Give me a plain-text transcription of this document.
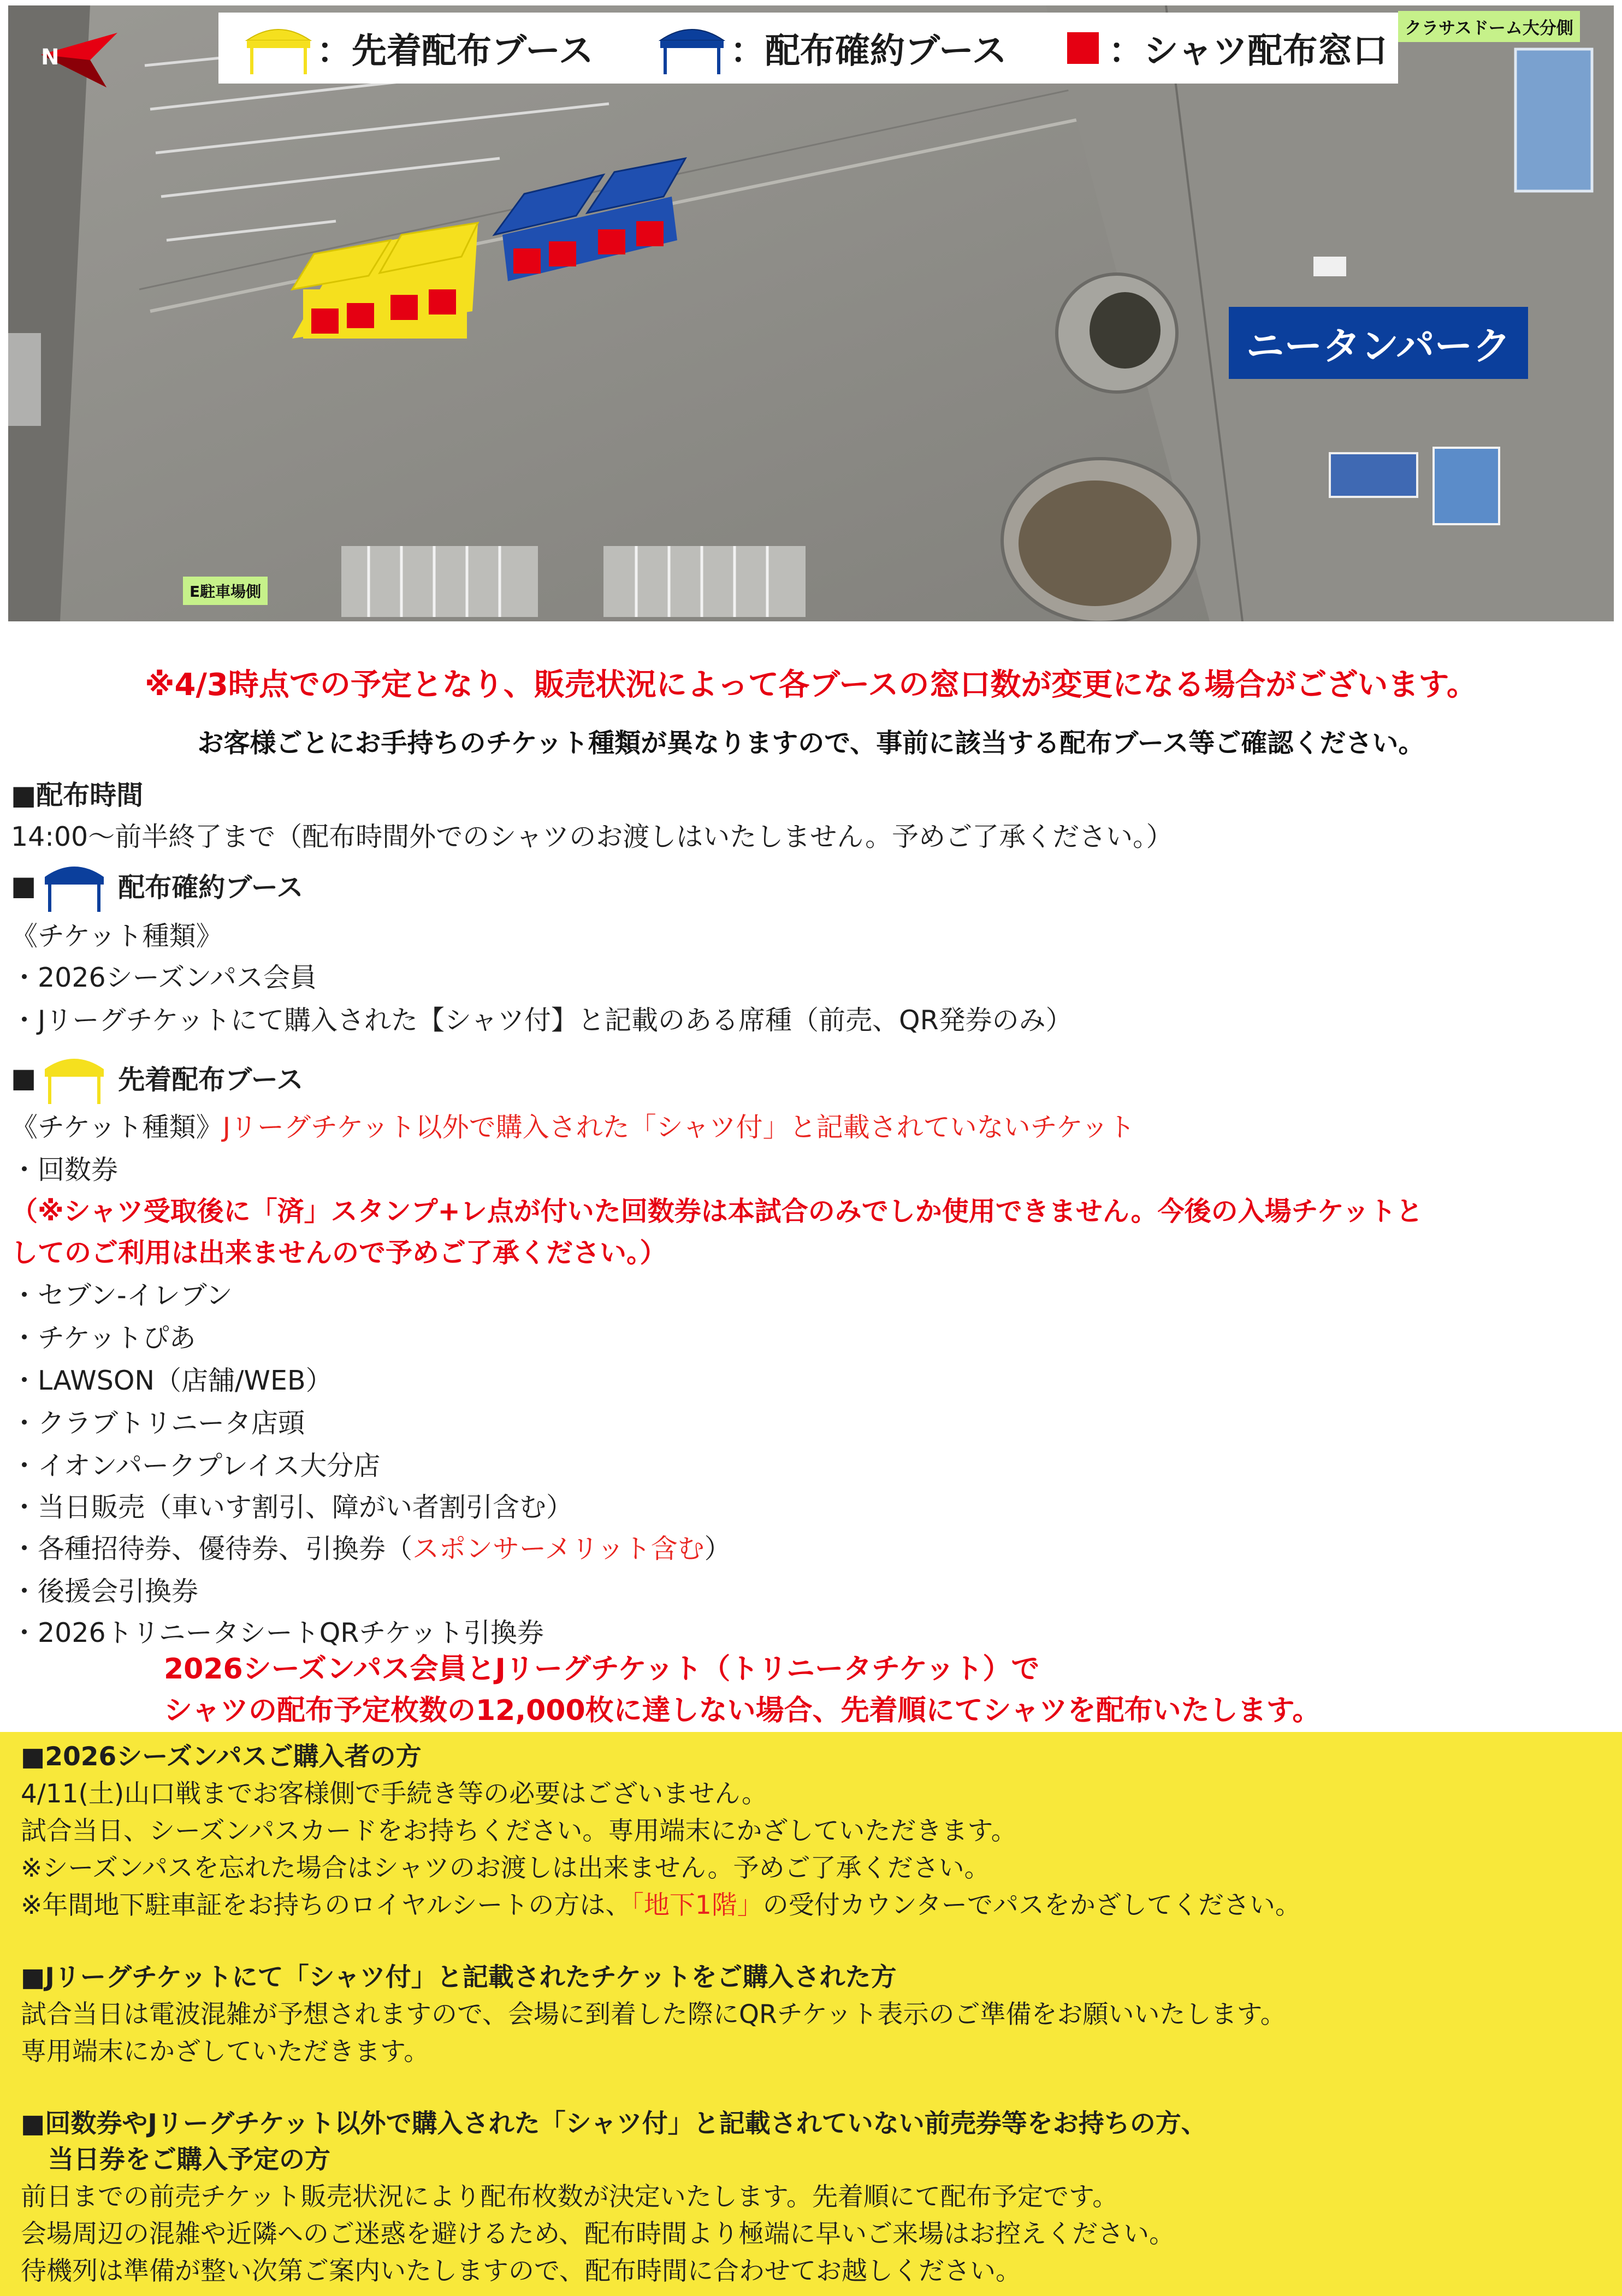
N
クラサスドーム大分側
E駐車場側
ニータンパーク
：先着配布ブース	：配布確約ブース	：シャツ配布窓口
※4/3時点での予定となり、販売状況によって各ブースの窓口数が変更になる場合がございます。
お客様ごとにお手持ちのチケット種類が異なりますので、事前に該当する配布ブース等ご確認ください。
■配布時間
14:00〜前半終了まで（配布時間外でのシャツのお渡しはいたしません。予めご了承ください。）
■	配布確約ブース
《チケット種類》
・2026シーズンパス会員
・Jリーグチケットにて購入された【シャツ付】と記載のある席種（前売、QR発券のみ）
■	先着配布ブース
《チケット種類》Jリーグチケット以外で購入された「シャツ付」と記載されていないチケット
・回数券
（※シャツ受取後に「済」スタンプ+レ点が付いた回数券は本試合のみでしか使用できません。今後の入場チケットと
してのご利用は出来ませんので予めご了承ください。）
・セブン-イレブン
・チケットぴあ
・LAWSON（店舗/WEB）
・クラブトリニータ店頭
・イオンパークプレイス大分店
・当日販売（車いす割引、障がい者割引含む）
・各種招待券、優待券、引換券（スポンサーメリット含む）
・後援会引換券
・2026トリニータシートQRチケット引換券
2026シーズンパス会員とJリーグチケット（トリニータチケット）で
シャツの配布予定枚数の12,000枚に達しない場合、先着順にてシャツを配布いたします。
■2026シーズンパスご購入者の方
4/11(土)山口戦までお客様側で手続き等の必要はございません。
試合当日、シーズンパスカードをお持ちください。専用端末にかざしていただきます。
※シーズンパスを忘れた場合はシャツのお渡しは出来ません。予めご了承ください。
※年間地下駐車証をお持ちのロイヤルシートの方は、「地下1階」の受付カウンターでパスをかざしてください。
■Jリーグチケットにて「シャツ付」と記載されたチケットをご購入された方
試合当日は電波混雑が予想されますので、会場に到着した際にQRチケット表示のご準備をお願いいたします。
専用端末にかざしていただきます。
■回数券やJリーグチケット以外で購入された「シャツ付」と記載されていない前売券等をお持ちの方、
当日券をご購入予定の方
前日までの前売チケット販売状況により配布枚数が決定いたします。先着順にて配布予定です。
会場周辺の混雑や近隣へのご迷惑を避けるため、配布時間より極端に早いご来場はお控えください。
待機列は準備が整い次第ご案内いたしますので、配布時間に合わせてお越しください。
